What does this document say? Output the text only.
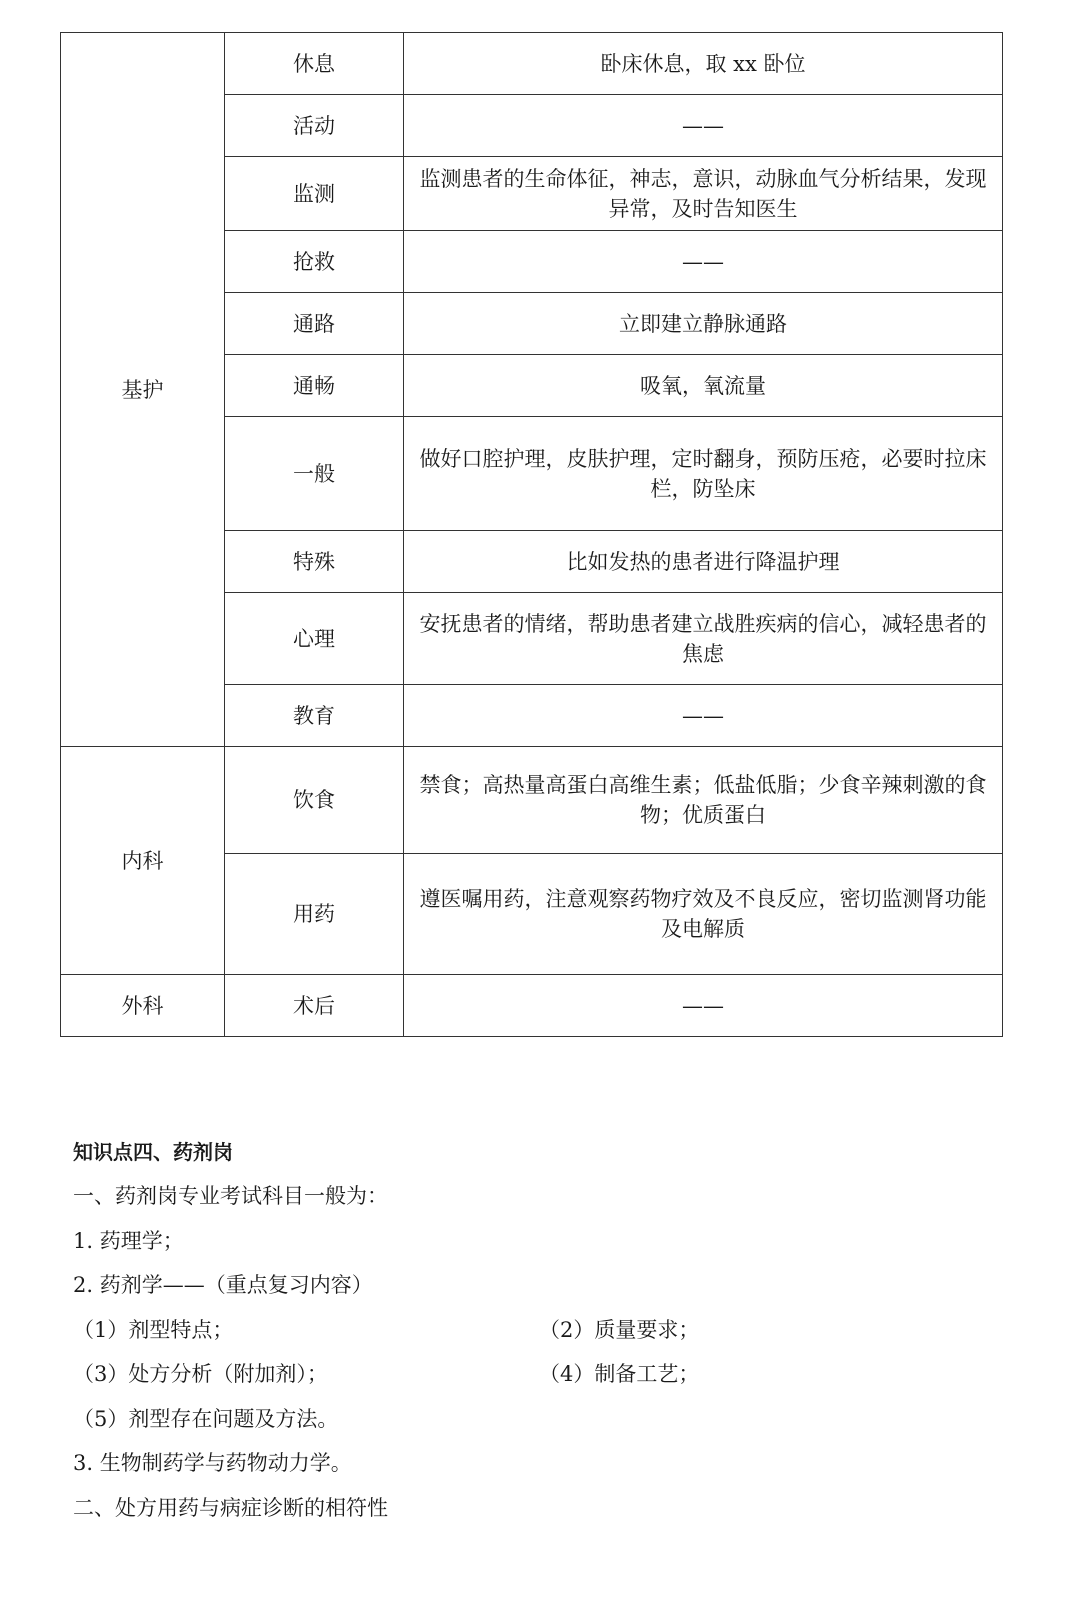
基护	休息	卧床休息，取 xx 卧位
	活动	——
	监测	监测患者的生命体征，神志，意识，动脉血气分析结果，发现异常，及时告知医生
	抢救	——
	通路	立即建立静脉通路
	通畅	吸氧，氧流量
	一般	做好口腔护理，皮肤护理，定时翻身，预防压疮，必要时拉床栏，防坠床
	特殊	比如发热的患者进行降温护理
	心理	安抚患者的情绪，帮助患者建立战胜疾病的信心，减轻患者的焦虑
	教育	——
内科	饮食	禁食；高热量高蛋白高维生素；低盐低脂；少食辛辣刺激的食物；优质蛋白
	用药	遵医嘱用药，注意观察药物疗效及不良反应，密切监测肾功能及电解质
外科	术后	——
知识点四、药剂岗
一、药剂岗专业考试科目一般为：
1. 药理学；
2. 药剂学——（重点复习内容）
（1）剂型特点；	（2）质量要求；
（3）处方分析（附加剂）；	（4）制备工艺；
（5）剂型存在问题及方法。
3. 生物制药学与药物动力学。
二、处方用药与病症诊断的相符性
